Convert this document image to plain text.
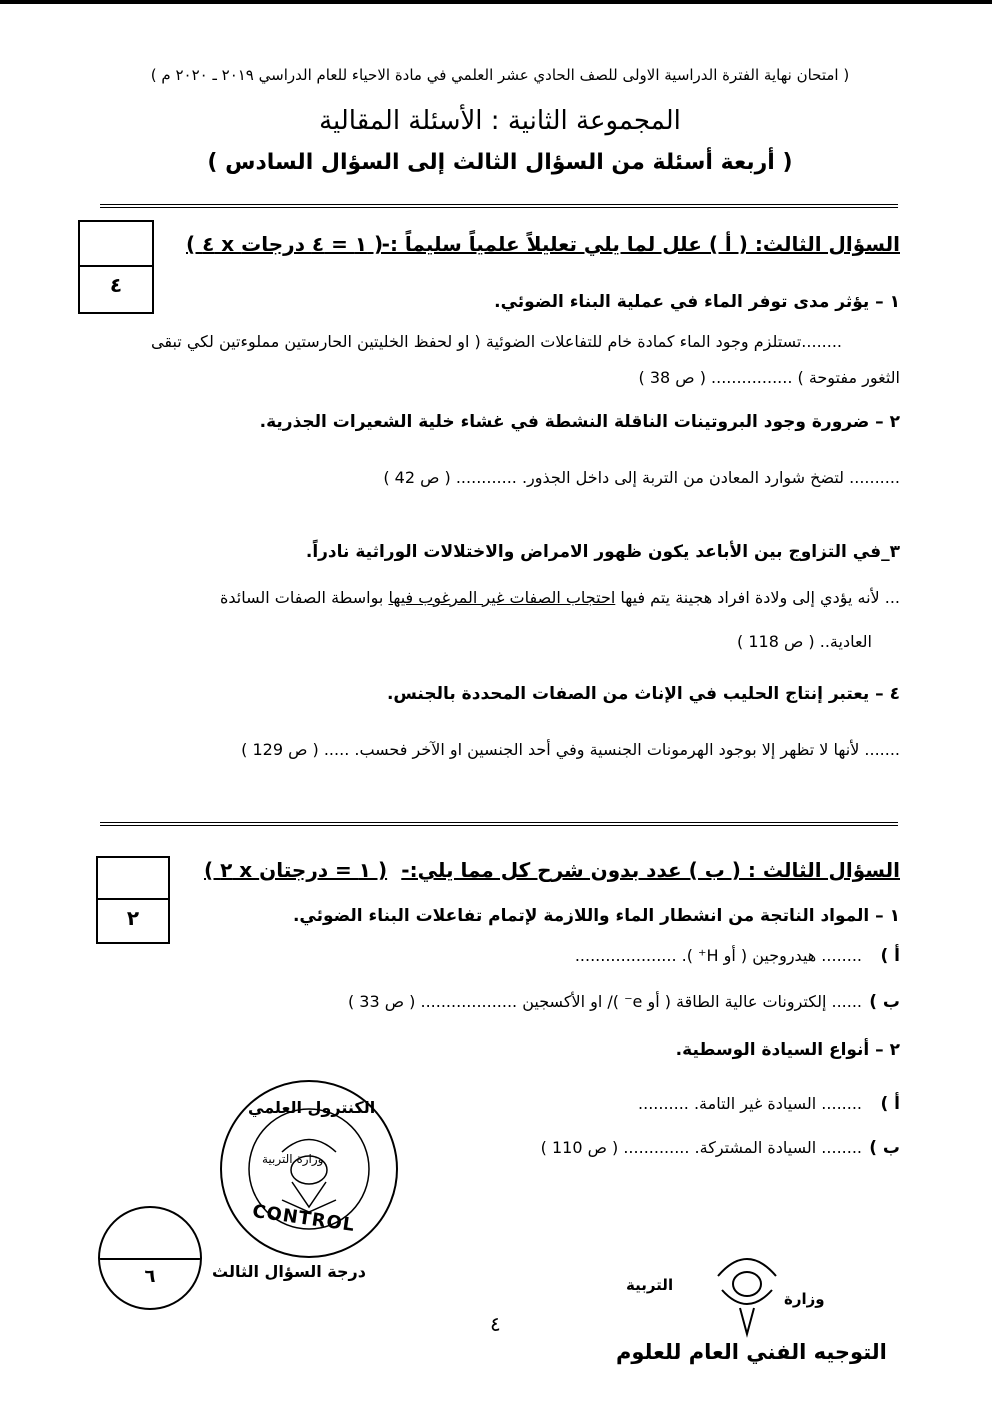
( امتحان نهاية الفترة الدراسية الاولى للصف الحادي عشر العلمي في مادة الاحياء للعام الدراسي ٢٠١٩ ـ ٢٠٢٠ م )
المجموعة الثانية : الأسئلة المقالية
( أربعة أسئلة من السؤال الثالث إلى السؤال السادس )
٤
السؤال الثالث: ( أ ) علل لما يلي تعليلاً علمياً سليماً :-
( ٤ x ١ = ٤ درجات )
١ – يؤثر مدى توفر الماء في عملية البناء الضوئي.
........تستلزم وجود الماء كمادة خام للتفاعلات الضوئية ( او لحفظ الخليتين الحارستين مملوءتين لكي تبقى
الثغور مفتوحة ) ................ ( ص 38 )
٢ – ضرورة وجود البروتينات الناقلة النشطة في غشاء خلية الشعيرات الجذرية.
.......... لتضخ شوارد المعادن من التربة إلى داخل الجذور. ............ ( ص 42 )
٣_في التزاوج بين الأباعد يكون ظهور الامراض والاختلالات الوراثية نادراً.
... لأنه يؤدي إلى ولادة افراد هجينة يتم فيها احتجاب الصفات غير المرغوب فيها بواسطة الصفات السائدة
العادية.. ( ص 118 )
٤ – يعتبر إنتاج الحليب في الإناث من الصفات المحددة بالجنس.
....... لأنها لا تظهر إلا بوجود الهرمونات الجنسية وفي أحد الجنسين او الآخر فحسب. ..... ( ص 129 )
٢
السؤال الثالث : ( ب ) عدد بدون شرح كل مما يلي:-
( ٢ x ١ = درجتان )
١ – المواد الناتجة من انشطار الماء واللازمة لإتمام تفاعلات البناء الضوئي.
أ )
........ هيدروجين ( أو H⁺ ). ....................
ب )
...... إلكترونات عالية الطاقة ( أو e⁻ )/ او الأكسجين ................... ( ص 33 )
٢ – أنواع السيادة الوسطية.
أ )
........ السيادة غير التامة. ..........
ب )
........ السيادة المشتركة. ............. ( ص 110 )
الكنترول العلمي
وزارة التربية
CONTROL
٦	درجة السؤال الثالث
٤
وزارة
التربية
التوجيه الفني العام للعلوم
